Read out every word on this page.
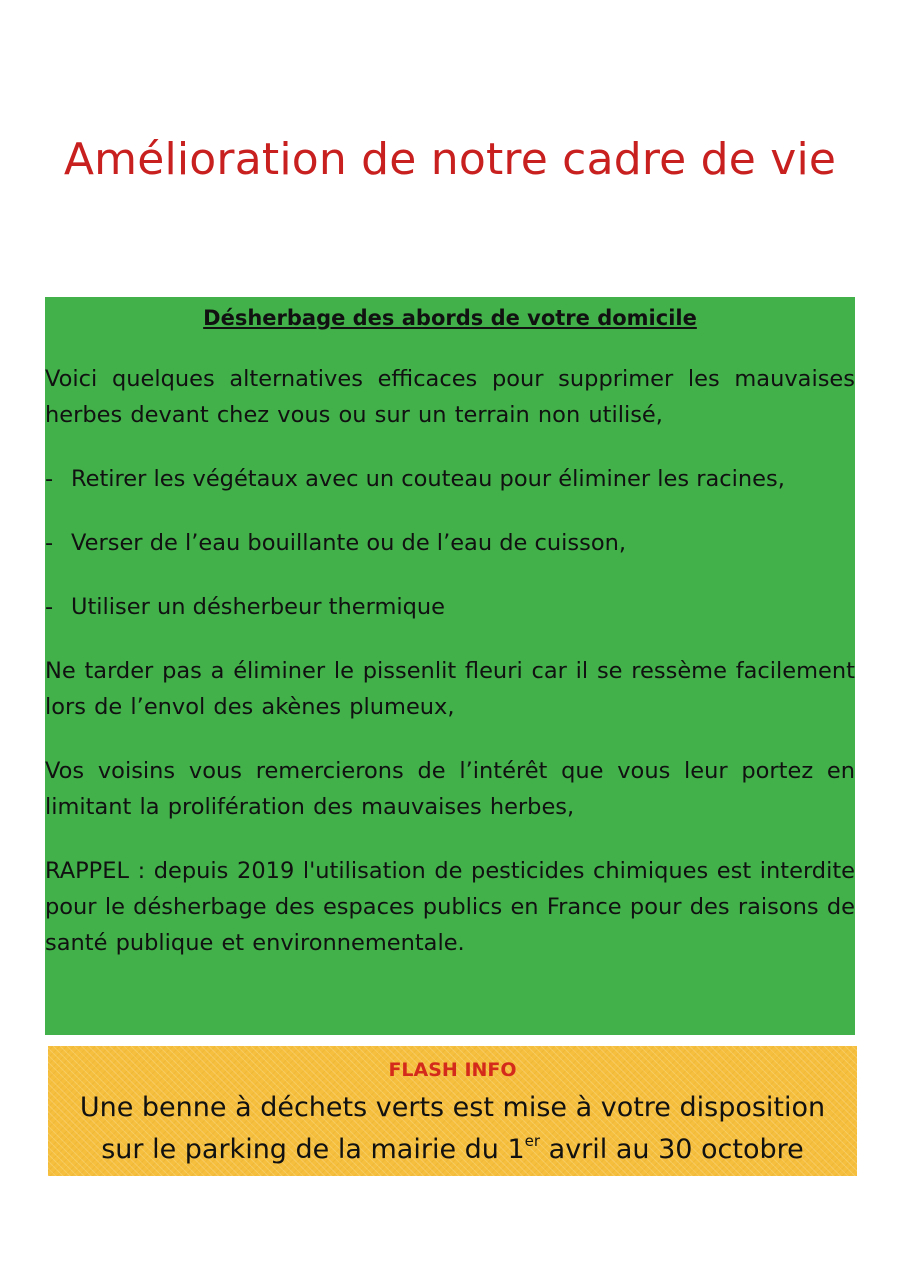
Amélioration de notre cadre de vie
Désherbage des abords de votre domicile

Voici quelques alternatives efficaces pour supprimer les mauvaises herbes devant chez vous ou sur un terrain non utilisé,

- Retirer les végétaux avec un couteau pour éliminer les racines,
- Verser de l’eau bouillante ou de l’eau de cuisson,
- Utiliser un désherbeur thermique

Ne tarder pas a éliminer le pissenlit fleuri car il se ressème facilement lors de l’envol des akènes plumeux,

Vos voisins vous remercierons de l’intérêt que vous leur portez en limitant la prolifération des mauvaises herbes,

RAPPEL : depuis 2019 l'utilisation de pesticides chimiques est interdite pour le désherbage des espaces publics en France pour des raisons de santé publique et environnementale.

FLASH INFO
Une benne à déchets verts est mise à votre disposition
sur le parking de la mairie du 1er avril au 30 octobre
